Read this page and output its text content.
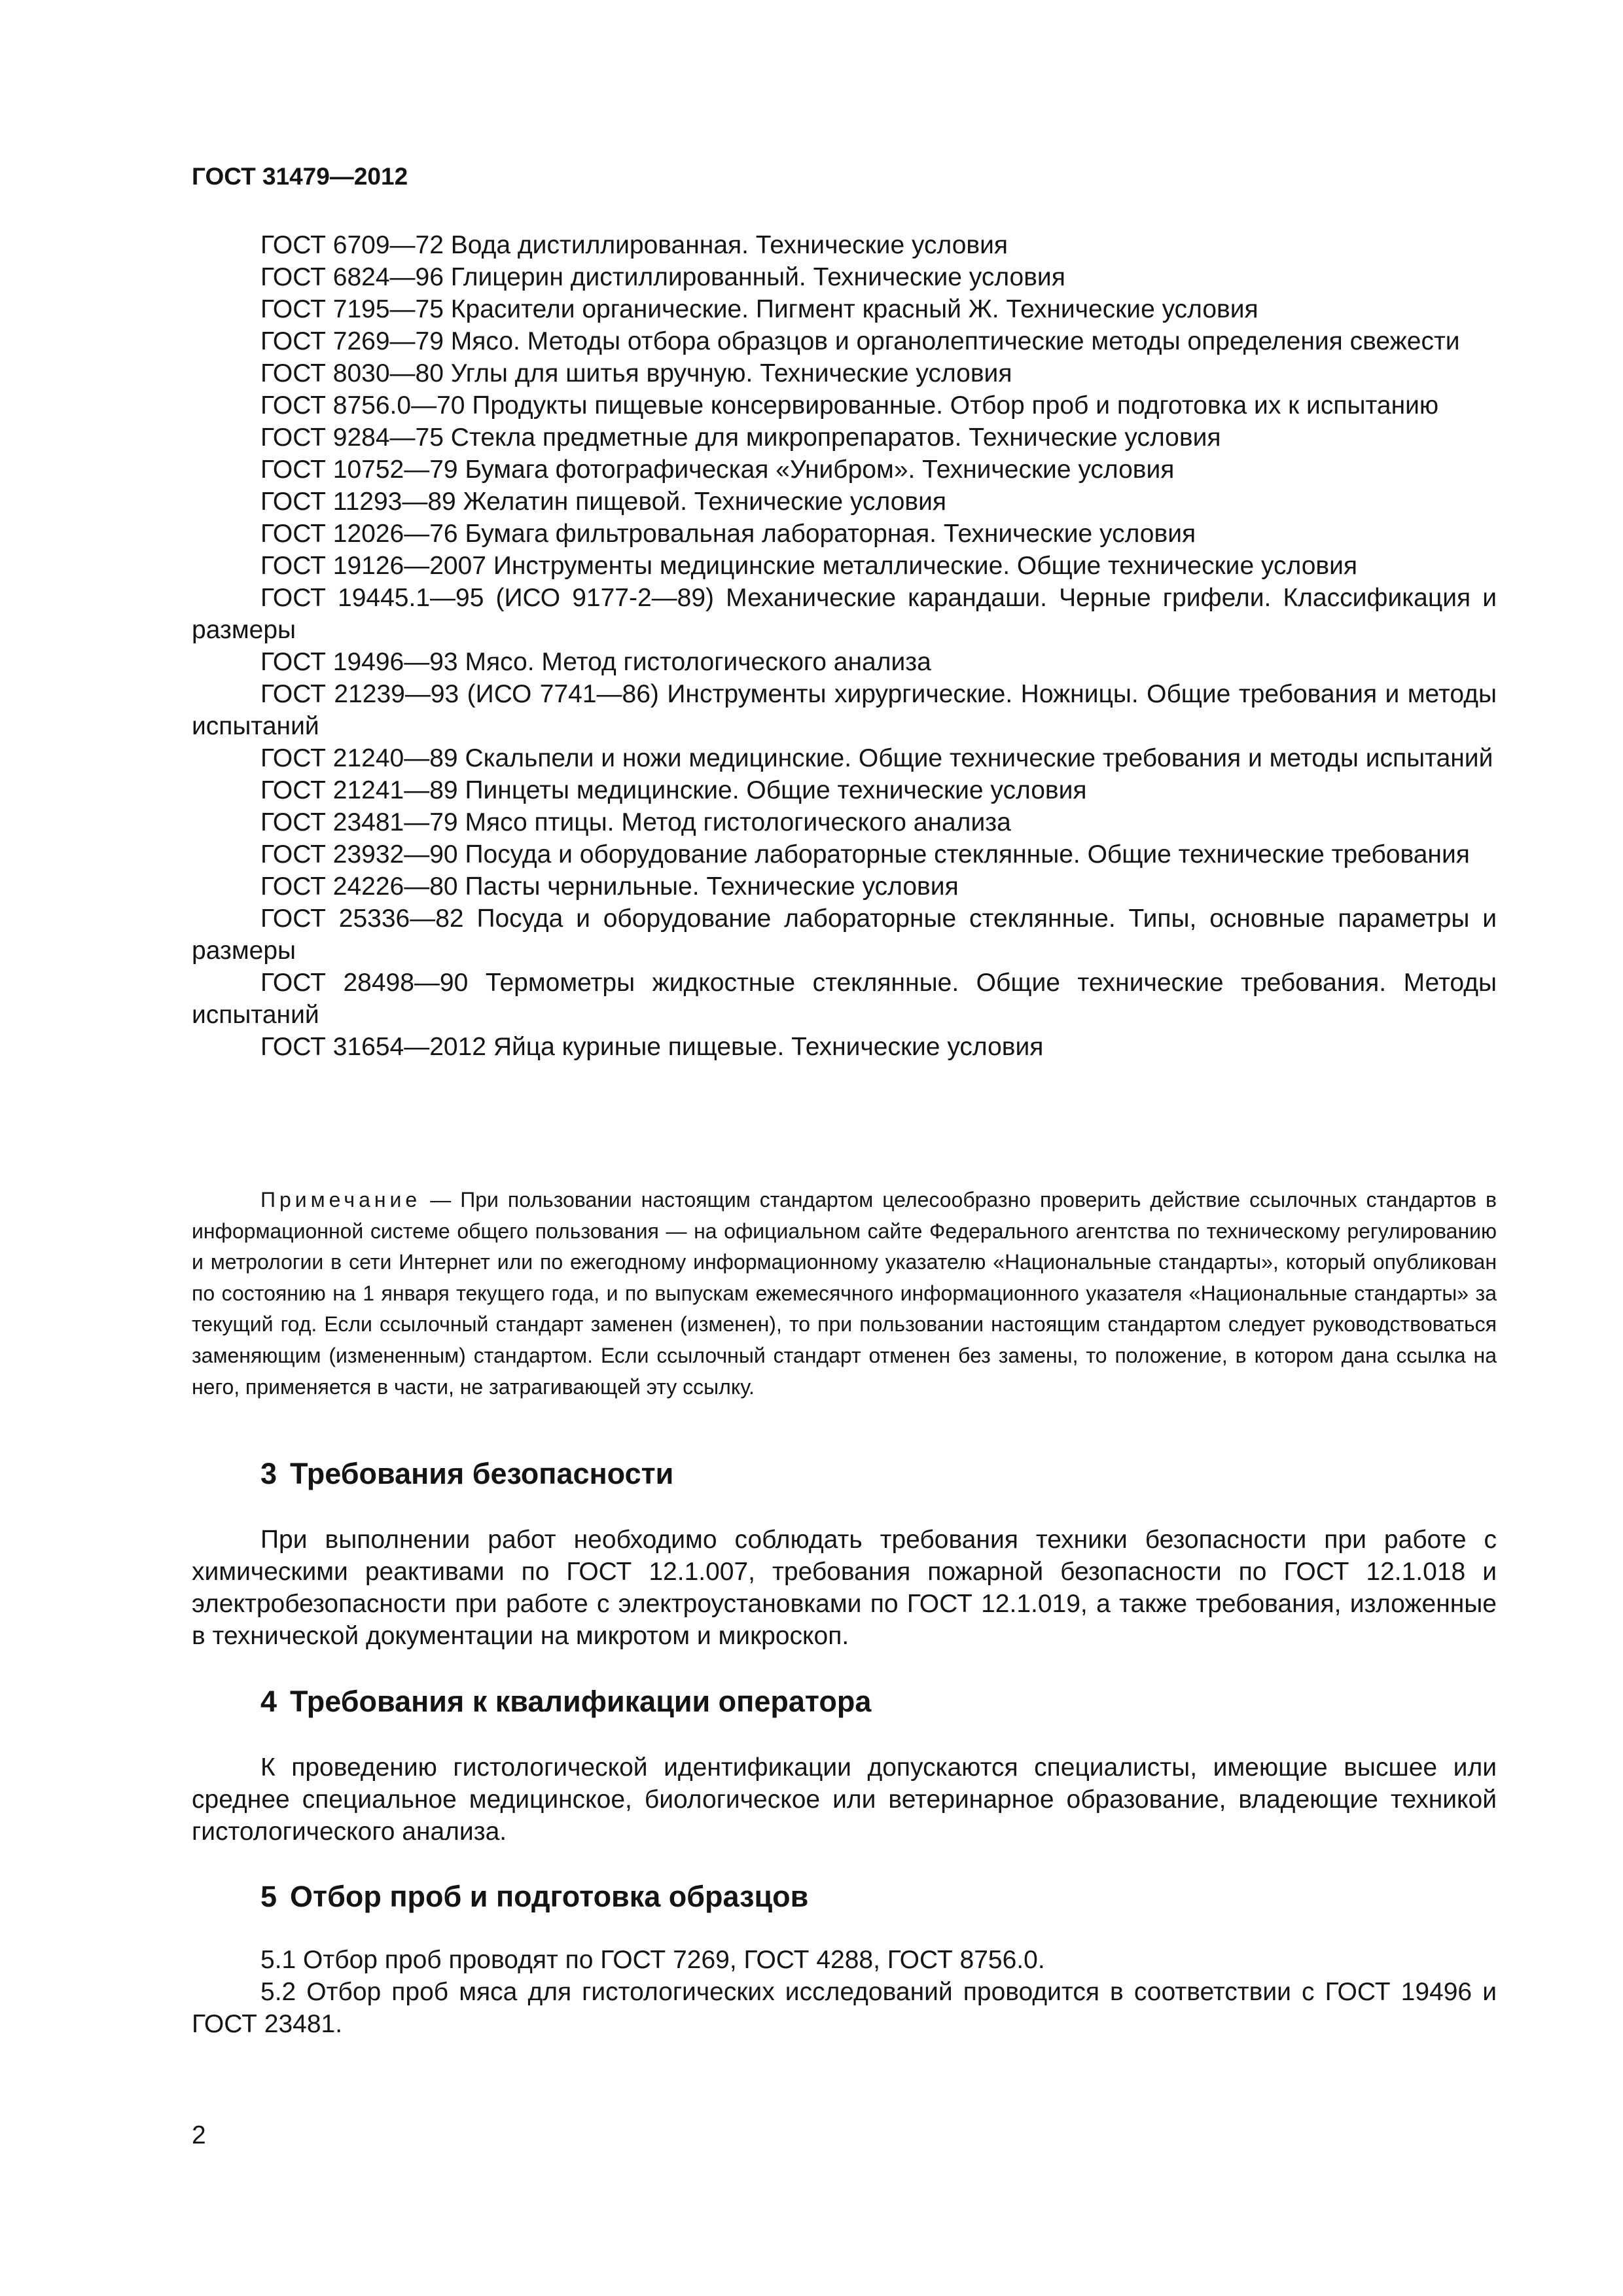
ГОСТ 31479—2012
ГОСТ 6709—72 Вода дистиллированная. Технические условия
ГОСТ 6824—96 Глицерин дистиллированный. Технические условия
ГОСТ 7195—75 Красители органические. Пигмент красный Ж. Технические условия
ГОСТ 7269—79 Мясо. Методы отбора образцов и органолептические методы определения свежести
ГОСТ 8030—80 Углы для шитья вручную. Технические условия
ГОСТ 8756.0—70 Продукты пищевые консервированные. Отбор проб и подготовка их к испытанию
ГОСТ 9284—75 Стекла предметные для микропрепаратов. Технические условия
ГОСТ 10752—79 Бумага фотографическая «Унибром». Технические условия
ГОСТ 11293—89 Желатин пищевой. Технические условия
ГОСТ 12026—76 Бумага фильтровальная лабораторная. Технические условия
ГОСТ 19126—2007 Инструменты медицинские металлические. Общие технические условия
ГОСТ 19445.1—95 (ИСО 9177-2—89) Механические карандаши. Черные грифели. Классификация и размеры
ГОСТ 19496—93 Мясо. Метод гистологического анализа
ГОСТ 21239—93 (ИСО 7741—86) Инструменты хирургические. Ножницы. Общие требования и методы испытаний
ГОСТ 21240—89 Скальпели и ножи медицинские. Общие технические требования и методы испытаний
ГОСТ 21241—89 Пинцеты медицинские. Общие технические условия
ГОСТ 23481—79 Мясо птицы. Метод гистологического анализа
ГОСТ 23932—90 Посуда и оборудование лабораторные стеклянные. Общие технические требования
ГОСТ 24226—80 Пасты чернильные. Технические условия
ГОСТ 25336—82 Посуда и оборудование лабораторные стеклянные. Типы, основные параметры и размеры
ГОСТ 28498—90 Термометры жидкостные стеклянные. Общие технические требования. Методы испытаний
ГОСТ 31654—2012 Яйца куриные пищевые. Технические условия
Примечание — При пользовании настоящим стандартом целесообразно проверить действие ссылочных стандартов в информационной системе общего пользования — на официальном сайте Федерального агентства по техническому регулированию и метрологии в сети Интернет или по ежегодному информационному указателю «Национальные стандарты», который опубликован по состоянию на 1 января текущего года, и по выпускам ежемесячного информационного указателя «Национальные стандарты» за текущий год. Если ссылочный стандарт заменен (изменен), то при пользовании настоящим стандартом следует руководствоваться заменяющим (измененным) стандартом. Если ссылочный стандарт отменен без замены, то положение, в котором дана ссылка на него, применяется в части, не затрагивающей эту ссылку.
3 Требования безопасности
При выполнении работ необходимо соблюдать требования техники безопасности при работе с химическими реактивами по ГОСТ 12.1.007, требования пожарной безопасности по ГОСТ 12.1.018 и электробезопасности при работе с электроустановками по ГОСТ 12.1.019, а также требования, изложенные в технической документации на микротом и микроскоп.
4 Требования к квалификации оператора
К проведению гистологической идентификации допускаются специалисты, имеющие высшее или среднее специальное медицинское, биологическое или ветеринарное образование, владеющие техникой гистологического анализа.
5 Отбор проб и подготовка образцов
5.1 Отбор проб проводят по ГОСТ 7269, ГОСТ 4288, ГОСТ 8756.0.
5.2 Отбор проб мяса для гистологических исследований проводится в соответствии с ГОСТ 19496 и ГОСТ 23481.
2
